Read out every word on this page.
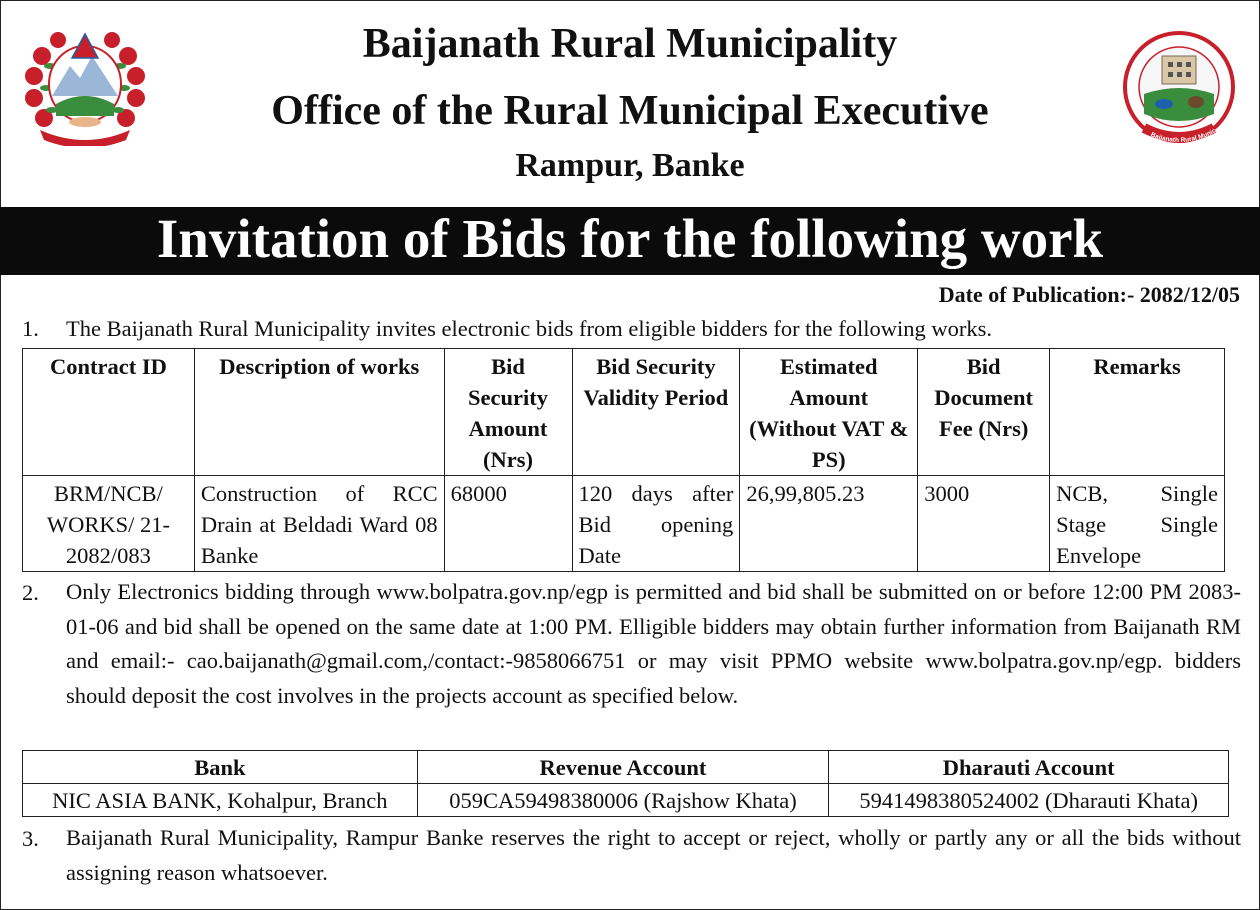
Baijanath Rural Munic
Baijanath Rural Municipality
Office of the Rural Municipal Executive
Rampur, Banke
Invitation of Bids for the following work
Date of Publication:- 2082/12/05
1. The Baijanath Rural Municipality invites electronic bids from eligible bidders for the following works.
Contract ID	Description of works	Bid Security Amount (Nrs)	Bid Security Validity Period	Estimated Amount (Without VAT & PS)	Bid Document Fee (Nrs)	Remarks
BRM/NCB/ WORKS/ 21-2082/083	Construction of RCC Drain at Beldadi Ward 08 Banke	68000	120 days after Bid opening Date	26,99,805.23	3000	NCB, Single Stage Single Envelope
2. Only Electronics bidding through www.bolpatra.gov.np/egp is permitted and bid shall be submitted on or before 12:00 PM 2083-01-06 and bid shall be opened on the same date at 1:00 PM. Elligible bidders may obtain further information from Baijanath RM and email:- cao.baijanath@gmail.com,/contact:-9858066751 or may visit PPMO website www.bolpatra.gov.np/egp. bidders should deposit the cost involves in the projects account as specified below.
Bank	Revenue Account	Dharauti Account
NIC ASIA BANK, Kohalpur, Branch	059CA59498380006 (Rajshow Khata)	5941498380524002 (Dharauti Khata)
3. Baijanath Rural Municipality, Rampur Banke reserves the right to accept or reject, wholly or partly any or all the bids without assigning reason whatsoever.
